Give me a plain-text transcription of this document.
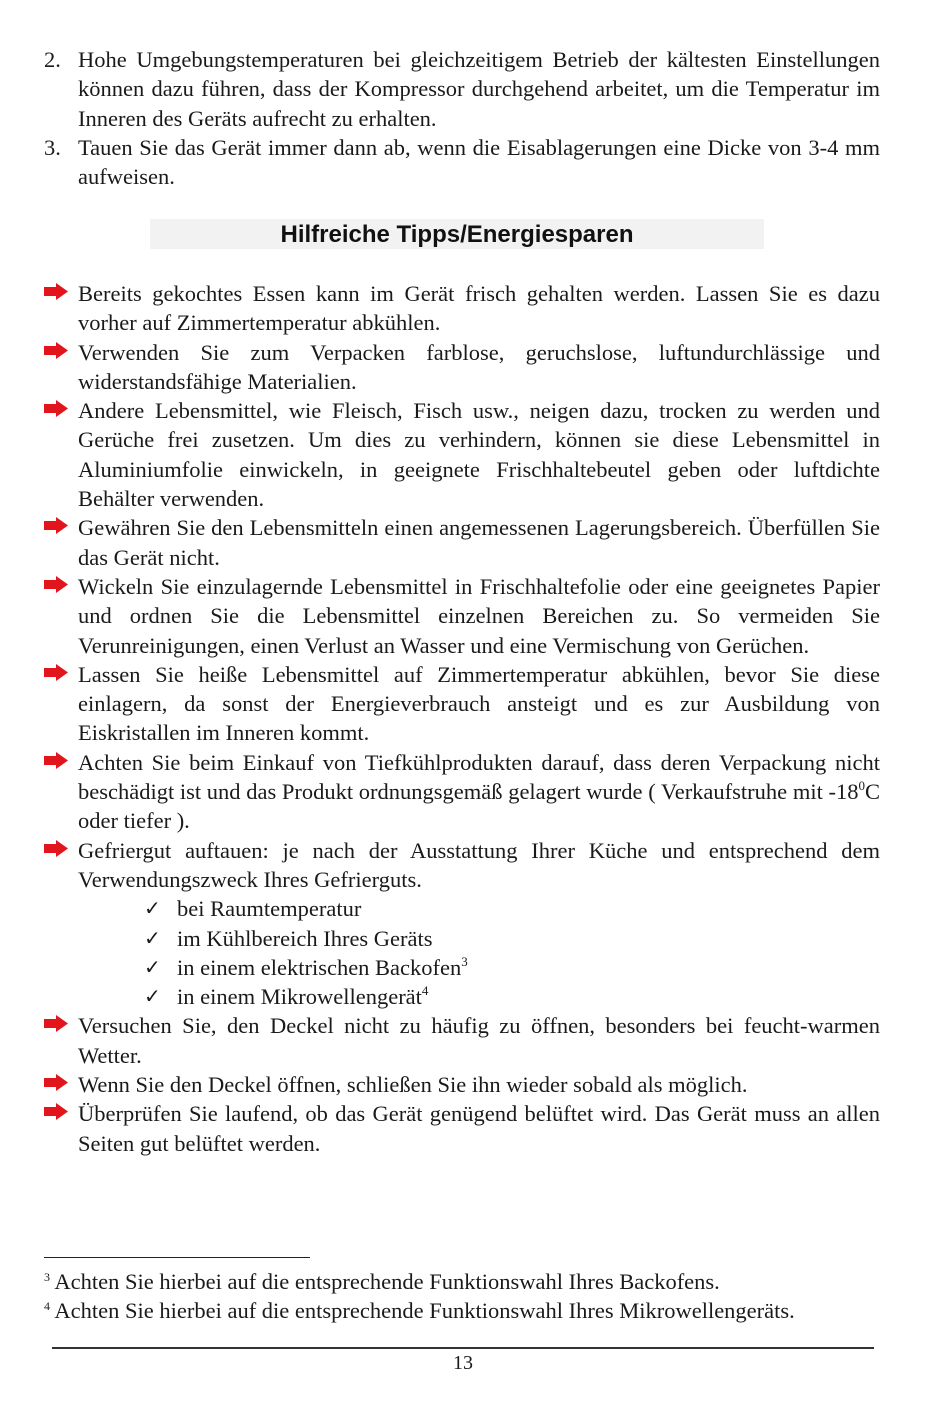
2. Hohe Umgebungstemperaturen bei gleichzeitigem Betrieb der kältesten Einstellungen können dazu führen, dass der Kompressor durchgehend arbeitet, um die Temperatur im Inneren des Geräts aufrecht zu erhalten.

3. Tauen Sie das Gerät immer dann ab, wenn die Eisablagerungen eine Dicke von 3-4 mm aufweisen.

Hilfreiche Tipps/Energiesparen

Bereits gekochtes Essen kann im Gerät frisch gehalten werden. Lassen Sie es dazu vorher auf Zimmertemperatur abkühlen.

Verwenden Sie zum Verpacken farblose, geruchslose, luftundurchlässige und widerstandsfähige Materialien.

Andere Lebensmittel, wie Fleisch, Fisch usw., neigen dazu, trocken zu werden und Gerüche frei zusetzen. Um dies zu verhindern, können sie diese Lebensmittel in Aluminiumfolie einwickeln, in geeignete Frischhaltebeutel geben oder luftdichte Behälter verwenden.

Gewähren Sie den Lebensmitteln einen angemessenen Lagerungsbereich. Überfüllen Sie das Gerät nicht.

Wickeln Sie einzulagernde Lebensmittel in Frischhaltefolie oder eine geeignetes Papier und ordnen Sie die Lebensmittel einzelnen Bereichen zu. So vermeiden Sie Verunreinigungen, einen Verlust an Wasser und eine Vermischung von Gerüchen.

Lassen Sie heiße Lebensmittel auf Zimmertemperatur abkühlen, bevor Sie diese einlagern, da sonst der Energieverbrauch ansteigt und es zur Ausbildung von Eiskristallen im Inneren kommt.

Achten Sie beim Einkauf von Tiefkühlprodukten darauf, dass deren Verpackung nicht beschädigt ist und das Produkt ordnungsgemäß gelagert wurde ( Verkaufstruhe mit $-18^0C$ oder tiefer ).

Gefriergut auftauen: je nach der Ausstattung Ihrer Küche und entsprechend dem Verwendungszweck Ihres Gefrierguts.

✓ bei Raumtemperatur
✓ im Kühlbereich Ihres Geräts
✓ in einem elektrischen Backofen$^3$
✓ in einem Mikrowellengerät$^4$

Versuchen Sie, den Deckel nicht zu häufig zu öffnen, besonders bei feucht-warmen Wetter.

Wenn Sie den Deckel öffnen, schließen Sie ihn wieder sobald als möglich.

Überprüfen Sie laufend, ob das Gerät genügend belüftet wird. Das Gerät muss an allen Seiten gut belüftet werden.

$^3$ Achten Sie hierbei auf die entsprechende Funktionswahl Ihres Backofens.

$^4$ Achten Sie hierbei auf die entsprechende Funktionswahl Ihres Mikrowellengeräts.

13
